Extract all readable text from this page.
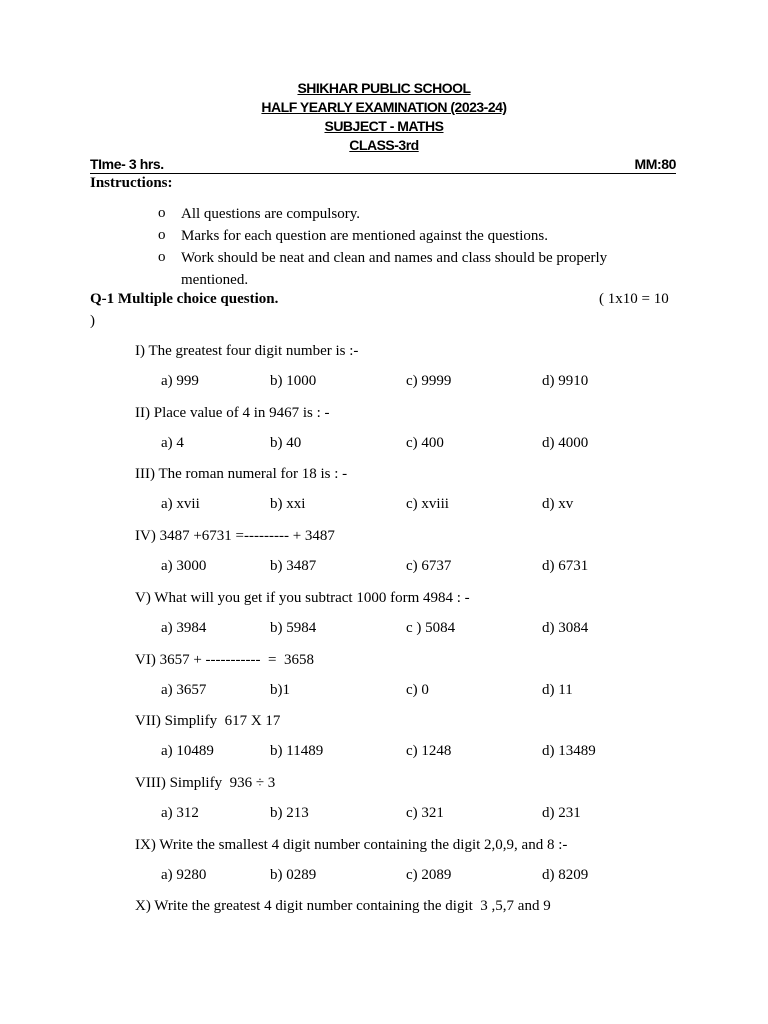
SHIKHAR PUBLIC SCHOOL
HALF YEARLY EXAMINATION (2023-24)
SUBJECT - MATHS
CLASS-3rd
TIme- 3 hrs.	MM:80
Instructions:
o All questions are compulsory.
o Marks for each question are mentioned against the questions.
o Work should be neat and clean and names and class should be properly mentioned.
Q-1 Multiple choice question.	( 1x10 = 10
)
I) The greatest four digit number is :-
a) 999	b) 1000	c) 9999	d) 9910
II) Place value of 4 in 9467 is : -
a) 4	b) 40	c) 400	d) 4000
III) The roman numeral for 18 is : -
a) xvii	b) xxi	c) xviii	d) xv
IV) 3487 +6731 =--------- + 3487
a) 3000	b) 3487	c) 6737	d) 6731
V) What will you get if you subtract 1000 form 4984 : -
a) 3984	b) 5984	c ) 5084	d) 3084
VI) 3657 + -----------  =  3658
a) 3657	b)1	c) 0	d) 11
VII) Simplify  617 X 17
a) 10489	b) 11489	c) 1248	d) 13489
VIII) Simplify  936 ÷ 3
a) 312	b) 213	c) 321	d) 231
IX) Write the smallest 4 digit number containing the digit 2,0,9, and 8 :-
a) 9280	b) 0289	c) 2089	d) 8209
X) Write the greatest 4 digit number containing the digit  3 ,5,7 and 9
